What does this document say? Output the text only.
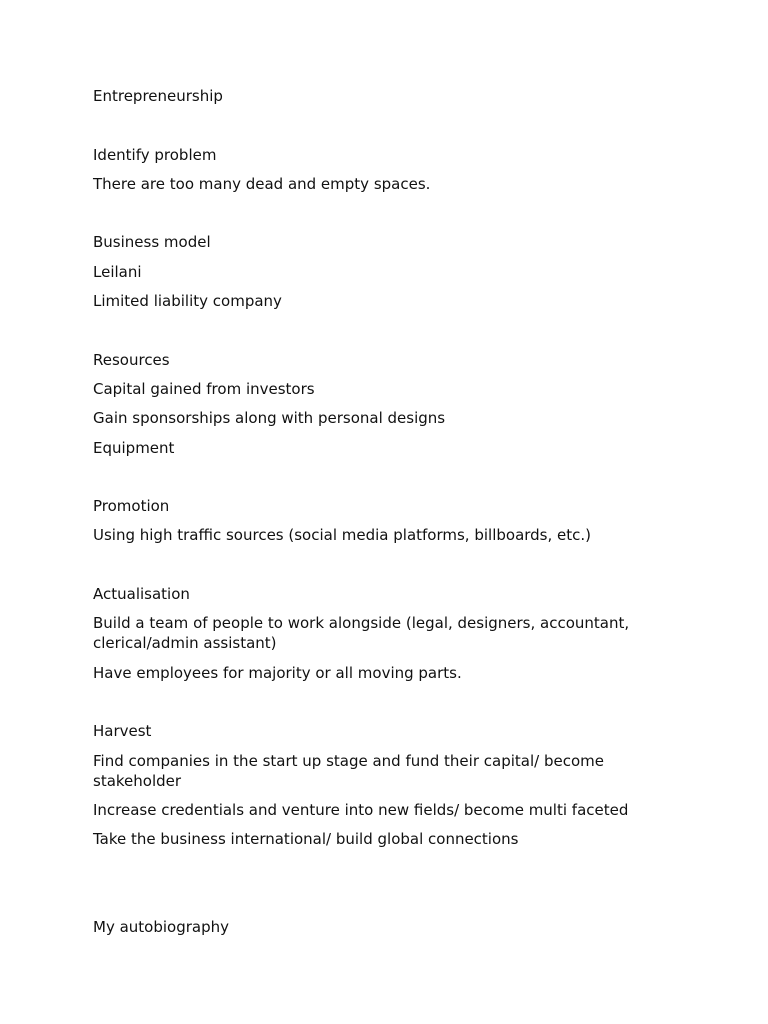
Entrepreneurship

Identify problem

There are too many dead and empty spaces.

Business model

Leilani

Limited liability company

Resources

Capital gained from investors

Gain sponsorships along with personal designs

Equipment

Promotion

Using high traffic sources (social media platforms, billboards, etc.)

Actualisation

Build a team of people to work alongside (legal, designers, accountant, clerical/admin assistant)

Have employees for majority or all moving parts.

Harvest

Find companies in the start up stage and fund their capital/ become stakeholder

Increase credentials and venture into new fields/ become multi faceted

Take the business international/ build global connections

My autobiography
